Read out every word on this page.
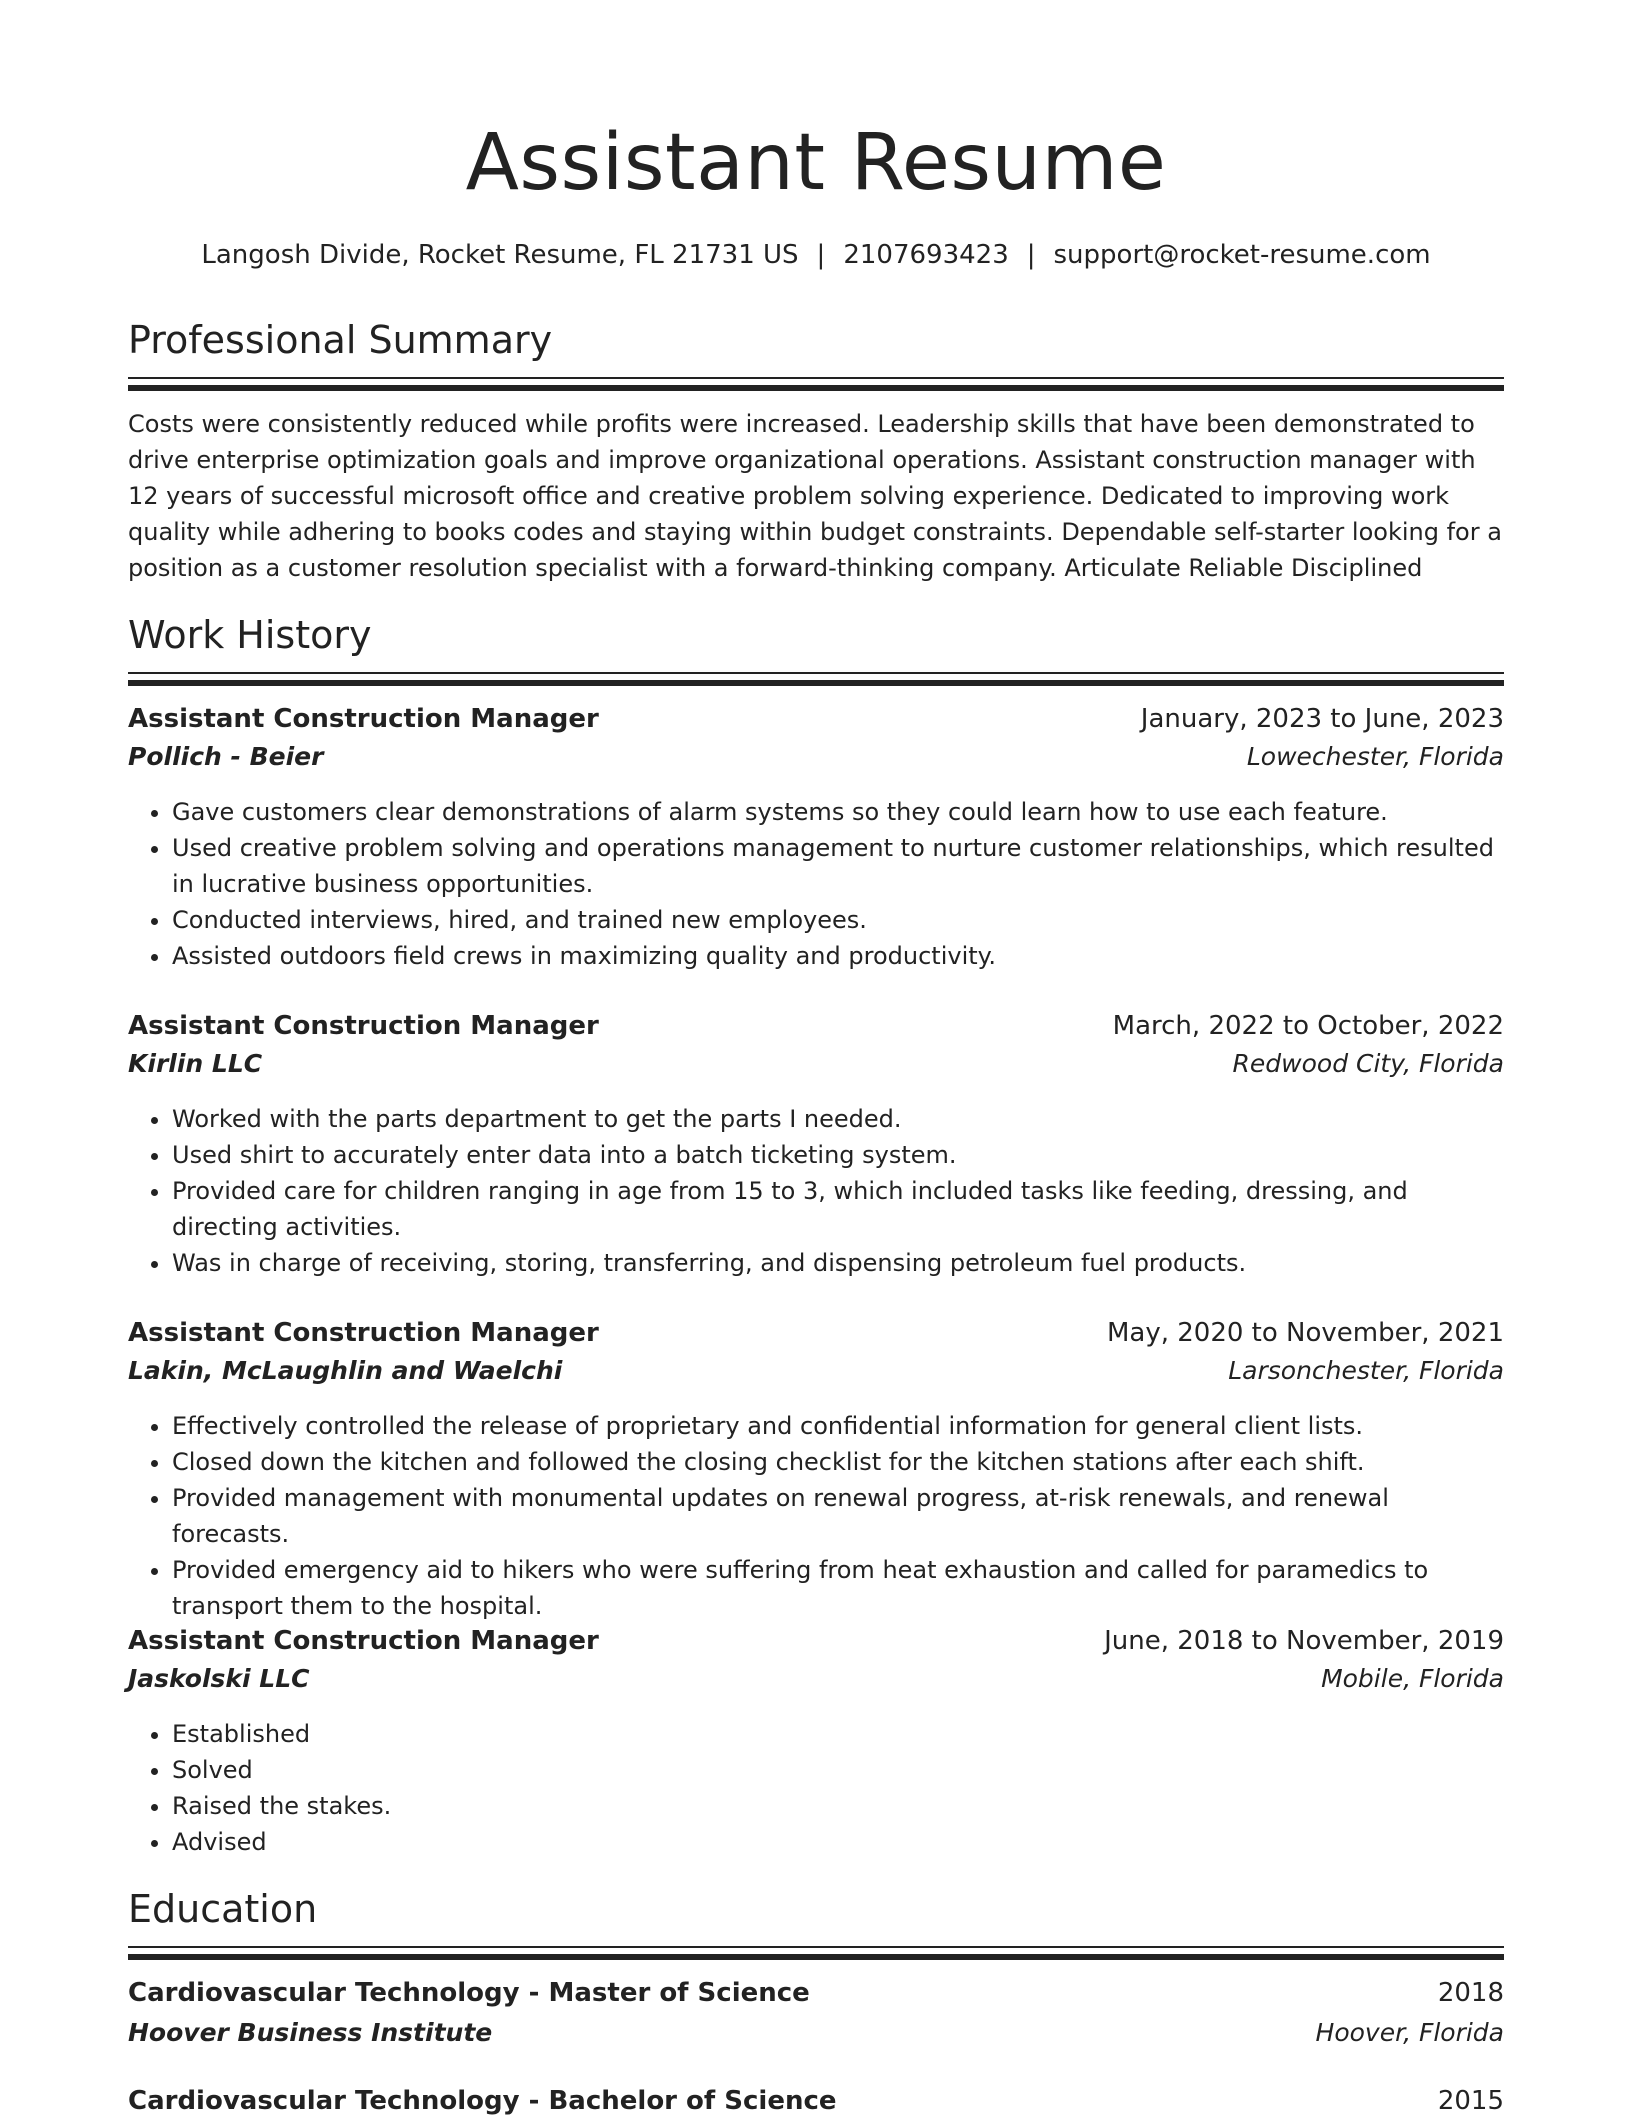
Assistant Resume
Langosh Divide, Rocket Resume, FL 21731 US | 2107693423 | support@rocket-resume.com
Professional Summary

Costs were consistently reduced while profits were increased. Leadership skills that have been demonstrated to drive enterprise optimization goals and improve organizational operations. Assistant construction manager with 12 years of successful microsoft office and creative problem solving experience. Dedicated to improving work quality while adhering to books codes and staying within budget constraints. Dependable self-starter looking for a position as a customer resolution specialist with a forward-thinking company. Articulate Reliable Disciplined

Work History
Assistant Construction Manager	January, 2023 to June, 2023
Pollich - Beier	Lowechester, Florida
• Gave customers clear demonstrations of alarm systems so they could learn how to use each feature.
• Used creative problem solving and operations management to nurture customer relationships, which resulted in lucrative business opportunities.
• Conducted interviews, hired, and trained new employees.
• Assisted outdoors field crews in maximizing quality and productivity.
Assistant Construction Manager	March, 2022 to October, 2022
Kirlin LLC	Redwood City, Florida
• Worked with the parts department to get the parts I needed.
• Used shirt to accurately enter data into a batch ticketing system.
• Provided care for children ranging in age from 15 to 3, which included tasks like feeding, dressing, and directing activities.
• Was in charge of receiving, storing, transferring, and dispensing petroleum fuel products.
Assistant Construction Manager	May, 2020 to November, 2021
Lakin, McLaughlin and Waelchi	Larsonchester, Florida
• Effectively controlled the release of proprietary and confidential information for general client lists.
• Closed down the kitchen and followed the closing checklist for the kitchen stations after each shift.
• Provided management with monumental updates on renewal progress, at-risk renewals, and renewal forecasts.
• Provided emergency aid to hikers who were suffering from heat exhaustion and called for paramedics to transport them to the hospital.
Assistant Construction Manager	June, 2018 to November, 2019
Jaskolski LLC	Mobile, Florida
• Established
• Solved
• Raised the stakes.
• Advised
Education
Cardiovascular Technology - Master of Science	2018
Hoover Business Institute	Hoover, Florida
Cardiovascular Technology - Bachelor of Science	2015
